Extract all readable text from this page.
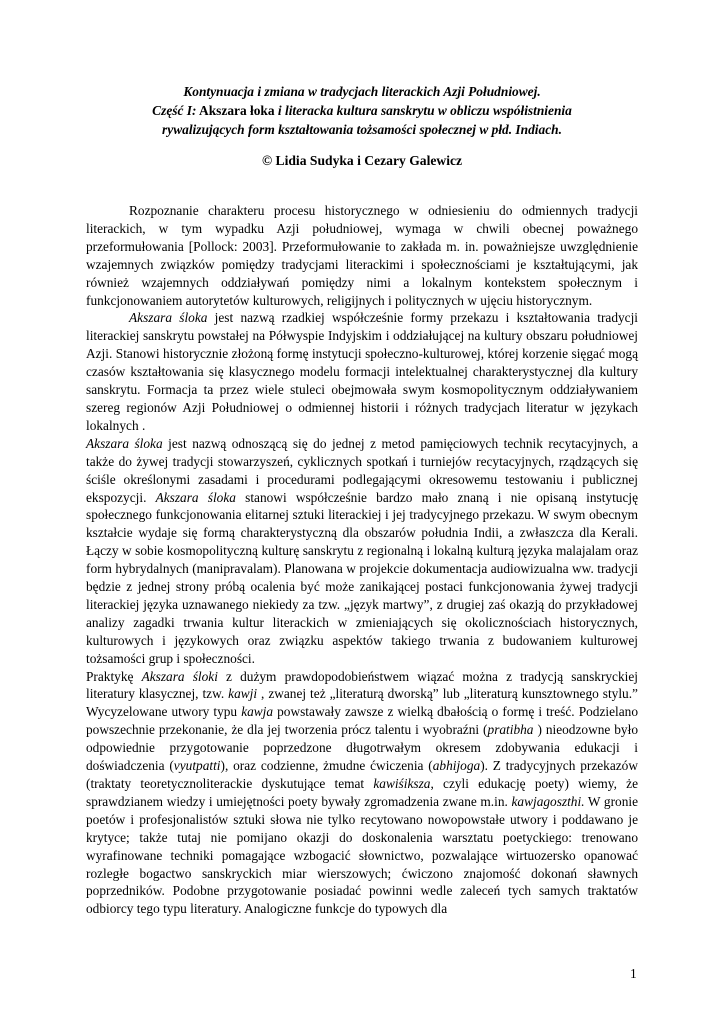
Kontynuacja i zmiana w tradycjach literackich Azji Południowej.
Część I: Akszara łoka i literacka kultura sanskrytu w obliczu współistnienia
rywalizujących form kształtowania tożsamości społecznej w płd. Indiach.
© Lidia Sudyka i Cezary Galewicz

Rozpoznanie charakteru procesu historycznego w odniesieniu do odmiennych tradycji literackich, w tym wypadku Azji południowej, wymaga w chwili obecnej poważnego przeformułowania [Pollock: 2003]. Przeformułowanie to zakłada m. in. poważniejsze uwzględnienie wzajemnych związków pomiędzy tradycjami literackimi i społecznościami je kształtującymi, jak również wzajemnych oddziaływań pomiędzy nimi a lokalnym kontekstem społecznym i funkcjonowaniem autorytetów kulturowych, religijnych i politycznych w ujęciu historycznym.

Akszara śloka jest nazwą rzadkiej współcześnie formy przekazu i kształtowania tradycji literackiej sanskrytu powstałej na Półwyspie Indyjskim i oddziałującej na kultury obszaru południowej Azji. Stanowi historycznie złożoną formę instytucji społeczno-kulturowej, której korzenie sięgać mogą czasów kształtowania się klasycznego modelu formacji intelektualnej charakterystycznej dla kultury sanskrytu. Formacja ta przez wiele stuleci obejmowała swym kosmopolitycznym oddziaływaniem szereg regionów Azji Południowej o odmiennej historii i różnych tradycjach literatur w językach lokalnych .

Akszara śloka jest nazwą odnoszącą się do jednej z metod pamięciowych technik recytacyjnych, a także do żywej tradycji stowarzyszeń, cyklicznych spotkań i turniejów recytacyjnych, rządzących się ściśle określonymi zasadami i procedurami podlegającymi okresowemu testowaniu i publicznej ekspozycji. Akszara śloka stanowi współcześnie bardzo mało znaną i nie opisaną instytucję społecznego funkcjonowania elitarnej sztuki literackiej i jej tradycyjnego przekazu. W swym obecnym kształcie wydaje się formą charakterystyczną dla obszarów południa Indii, a zwłaszcza dla Kerali. Łączy w sobie kosmopolityczną kulturę sanskrytu z regionalną i lokalną kulturą języka malajalam oraz form hybrydalnych (manipravalam). Planowana w projekcie dokumentacja audiowizualna ww. tradycji będzie z jednej strony próbą ocalenia być może zanikającej postaci funkcjonowania żywej tradycji literackiej języka uznawanego niekiedy za tzw. „język martwy”, z drugiej zaś okazją do przykładowej analizy zagadki trwania kultur literackich w zmieniających się okolicznościach historycznych, kulturowych i językowych oraz związku aspektów takiego trwania z budowaniem kulturowej tożsamości grup i społeczności.

Praktykę Akszara śloki z dużym prawdopodobieństwem wiązać można z tradycją sanskryckiej literatury klasycznej, tzw. kawji , zwanej też „literaturą dworską” lub „literaturą kunsztownego stylu.” Wycyzelowane utwory typu kawja powstawały zawsze z wielką dbałością o formę i treść. Podzielano powszechnie przekonanie, że dla jej tworzenia prócz talentu i wyobraźni (pratibha ) nieodzowne było odpowiednie przygotowanie poprzedzone długotrwałym okresem zdobywania edukacji i doświadczenia (vyutpatti), oraz codzienne, żmudne ćwiczenia (abhijoga). Z tradycyjnych przekazów (traktaty teoretycznoliterackie dyskutujące temat kawiśiksza, czyli edukację poety) wiemy, że sprawdzianem wiedzy i umiejętności poety bywały zgromadzenia zwane m.in. kawjagoszthi. W gronie poetów i profesjonalistów sztuki słowa nie tylko recytowano nowopowstałe utwory i poddawano je krytyce; także tutaj nie pomijano okazji do doskonalenia warsztatu poetyckiego: trenowano wyrafinowane techniki pomagające wzbogacić słownictwo, pozwalające wirtuozersko opanować rozległe bogactwo sanskryckich miar wierszowych; ćwiczono znajomość dokonań sławnych poprzedników. Podobne przygotowanie posiadać powinni wedle zaleceń tych samych traktatów odbiorcy tego typu literatury. Analogiczne funkcje do typowych dla

1
